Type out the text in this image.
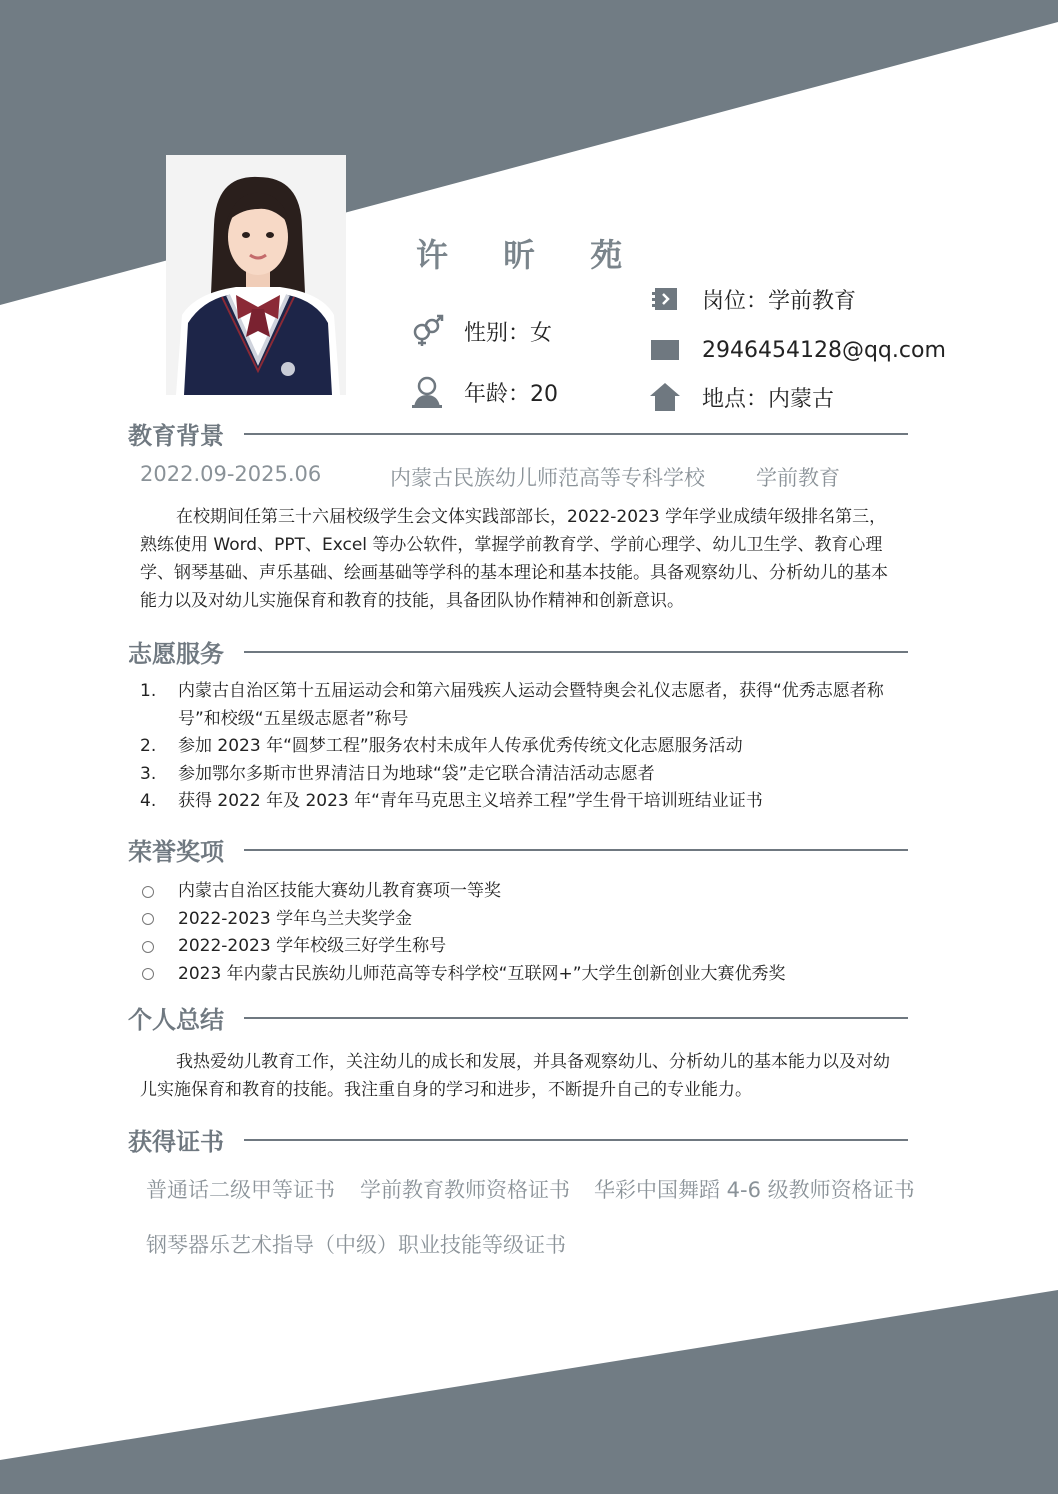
许 昕 苑
性别：女
年龄：20
岗位：学前教育
2946454128@qq.com
地点：内蒙古
教育背景
2022.09-2025.06	内蒙古民族幼儿师范高等专科学校 学前教育
在校期间任第三十六届校级学生会文体实践部部长，2022-2023 学年学业成绩年级排名第三，熟练使用 Word、PPT、Excel 等办公软件，掌握学前教育学、学前心理学、幼儿卫生学、教育心理学、钢琴基础、声乐基础、绘画基础等学科的基本理论和基本技能。具备观察幼儿、分析幼儿的基本能力以及对幼儿实施保育和教育的技能，具备团队协作精神和创新意识。
志愿服务
1.	内蒙古自治区第十五届运动会和第六届残疾人运动会暨特奥会礼仪志愿者，获得“优秀志愿者称号”和校级“五星级志愿者”称号
2.	参加 2023 年“圆梦工程”服务农村未成年人传承优秀传统文化志愿服务活动
3.	参加鄂尔多斯市世界清洁日为地球“袋”走它联合清洁活动志愿者
4.	获得 2022 年及 2023 年“青年马克思主义培养工程”学生骨干培训班结业证书
荣誉奖项
内蒙古自治区技能大赛幼儿教育赛项一等奖
2022-2023 学年乌兰夫奖学金
2022-2023 学年校级三好学生称号
2023 年内蒙古民族幼儿师范高等专科学校“互联网+”大学生创新创业大赛优秀奖
个人总结
我热爱幼儿教育工作，关注幼儿的成长和发展，并具备观察幼儿、分析幼儿的基本能力以及对幼儿实施保育和教育的技能。我注重自身的学习和进步，不断提升自己的专业能力。
获得证书
普通话二级甲等证书 学前教育教师资格证书 华彩中国舞蹈 4-6 级教师资格证书
钢琴器乐艺术指导（中级）职业技能等级证书
